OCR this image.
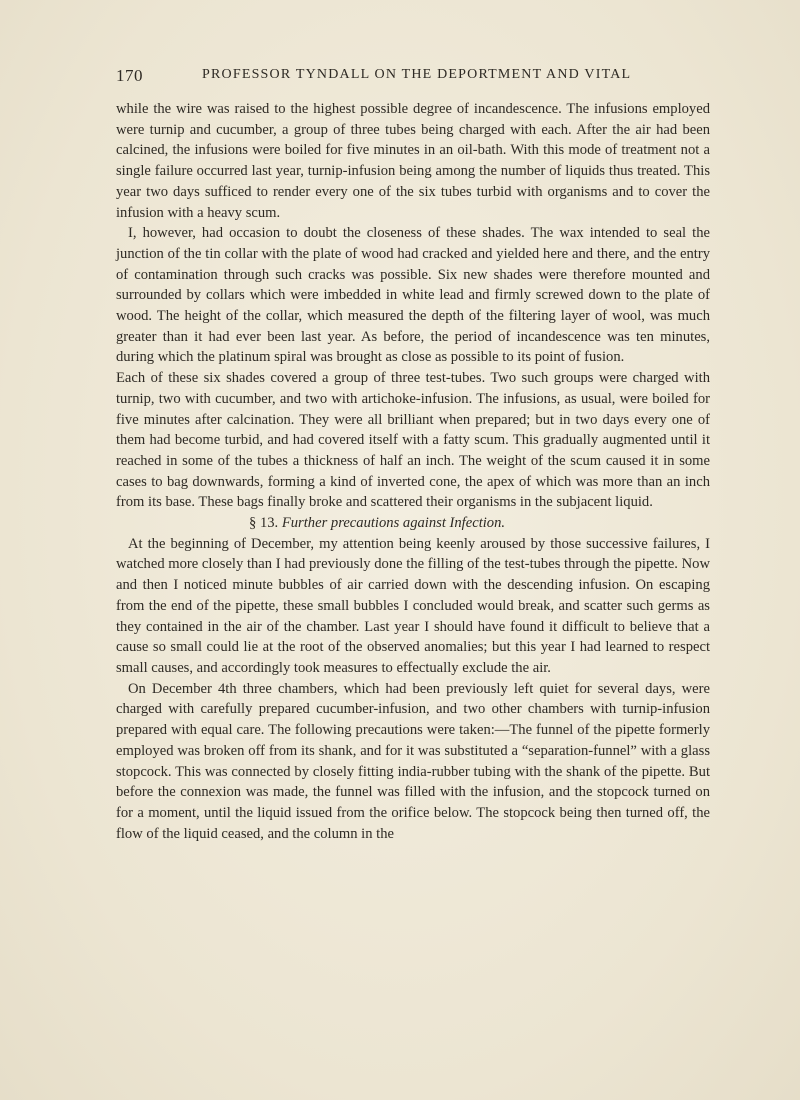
170	PROFESSOR TYNDALL ON THE DEPORTMENT AND VITAL

while the wire was raised to the highest possible degree of incandescence. The infusions employed were turnip and cucumber, a group of three tubes being charged with each. After the air had been calcined, the infusions were boiled for five minutes in an oil-bath. With this mode of treatment not a single failure occurred last year, turnip-infusion being among the number of liquids thus treated. This year two days sufficed to render every one of the six tubes turbid with organisms and to cover the infusion with a heavy scum.

I, however, had occasion to doubt the closeness of these shades. The wax intended to seal the junction of the tin collar with the plate of wood had cracked and yielded here and there, and the entry of contamination through such cracks was possible. Six new shades were therefore mounted and surrounded by collars which were imbedded in white lead and firmly screwed down to the plate of wood. The height of the collar, which measured the depth of the filtering layer of wool, was much greater than it had ever been last year. As before, the period of incandescence was ten minutes, during which the platinum spiral was brought as close as possible to its point of fusion.

Each of these six shades covered a group of three test-tubes. Two such groups were charged with turnip, two with cucumber, and two with artichoke-infusion. The infusions, as usual, were boiled for five minutes after calcination. They were all brilliant when prepared; but in two days every one of them had become turbid, and had covered itself with a fatty scum. This gradually augmented until it reached in some of the tubes a thickness of half an inch. The weight of the scum caused it in some cases to bag downwards, forming a kind of inverted cone, the apex of which was more than an inch from its base. These bags finally broke and scattered their organisms in the subjacent liquid.

§ 13. Further precautions against Infection.

At the beginning of December, my attention being keenly aroused by those successive failures, I watched more closely than I had previously done the filling of the test-tubes through the pipette. Now and then I noticed minute bubbles of air carried down with the descending infusion. On escaping from the end of the pipette, these small bubbles I concluded would break, and scatter such germs as they contained in the air of the chamber. Last year I should have found it difficult to believe that a cause so small could lie at the root of the observed anomalies; but this year I had learned to respect small causes, and accordingly took measures to effectually exclude the air.

On December 4th three chambers, which had been previously left quiet for several days, were charged with carefully prepared cucumber-infusion, and two other chambers with turnip-infusion prepared with equal care. The following precautions were taken:—The funnel of the pipette formerly employed was broken off from its shank, and for it was substituted a “separation-funnel” with a glass stopcock. This was connected by closely fitting india-rubber tubing with the shank of the pipette. But before the connexion was made, the funnel was filled with the infusion, and the stopcock turned on for a moment, until the liquid issued from the orifice below. The stopcock being then turned off, the flow of the liquid ceased, and the column in the
